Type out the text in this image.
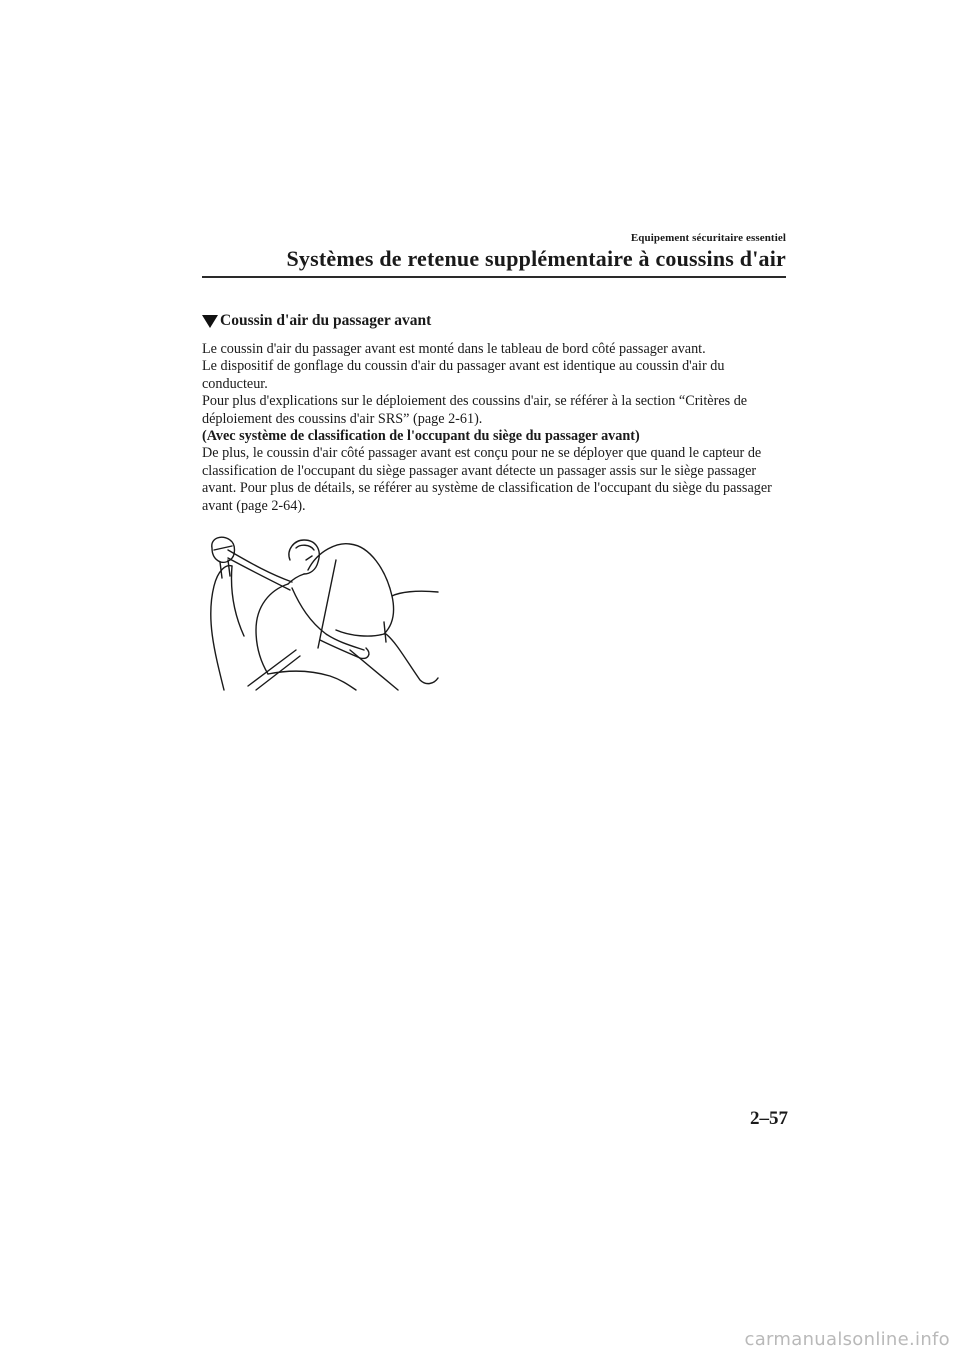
Equipement sécuritaire essentiel
Systèmes de retenue supplémentaire à coussins d'air
Coussin d'air du passager avant

Le coussin d'air du passager avant est monté dans le tableau de bord côté passager avant.

Le dispositif de gonflage du coussin d'air du passager avant est identique au coussin d'air du conducteur.

Pour plus d'explications sur le déploiement des coussins d'air, se référer à la section “Critères de déploiement des coussins d'air SRS” (page 2-61).

(Avec système de classification de l'occupant du siège du passager avant)

De plus, le coussin d'air côté passager avant est conçu pour ne se déployer que quand le capteur de classification de l'occupant du siège passager avant détecte un passager assis sur le siège passager avant. Pour plus de détails, se référer au système de classification de l'occupant du siège du passager avant (page 2-64).

2–57
carmanualsonline.info
